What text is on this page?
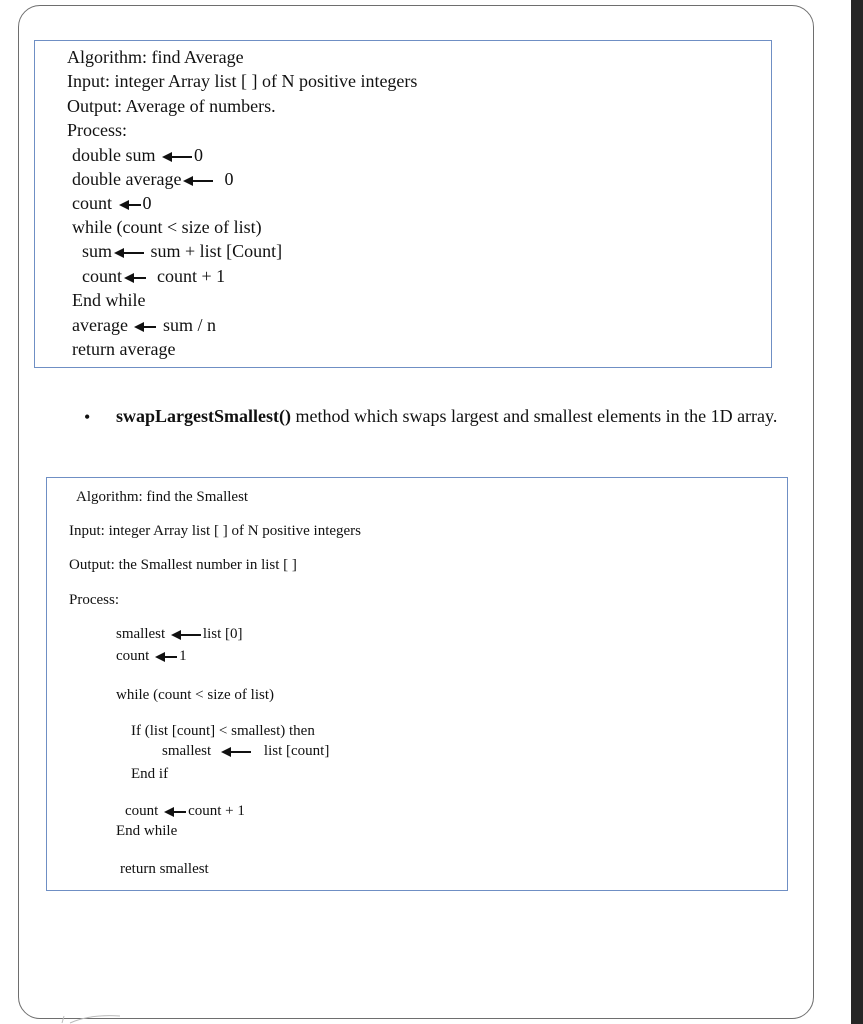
Algorithm: find Average
Input: integer Array list [ ] of N positive integers
Output: Average of numbers.
Process:
double sum 0
double average 0
count 0
while (count < size of list)
sum sum + list [Count]
count count + 1
End while
average sum / n
return average
• swapLargestSmallest() method which swaps largest and smallest elements in the 1D array.
Algorithm: find the Smallest
Input: integer Array list [ ] of N positive integers
Output: the Smallest number in list [ ]
Process:
smallest	list [0]
count 1
while (count < size of list)
If (list [count] < smallest) then
smallest	list [count]
End if
count count + 1
End while
return smallest
